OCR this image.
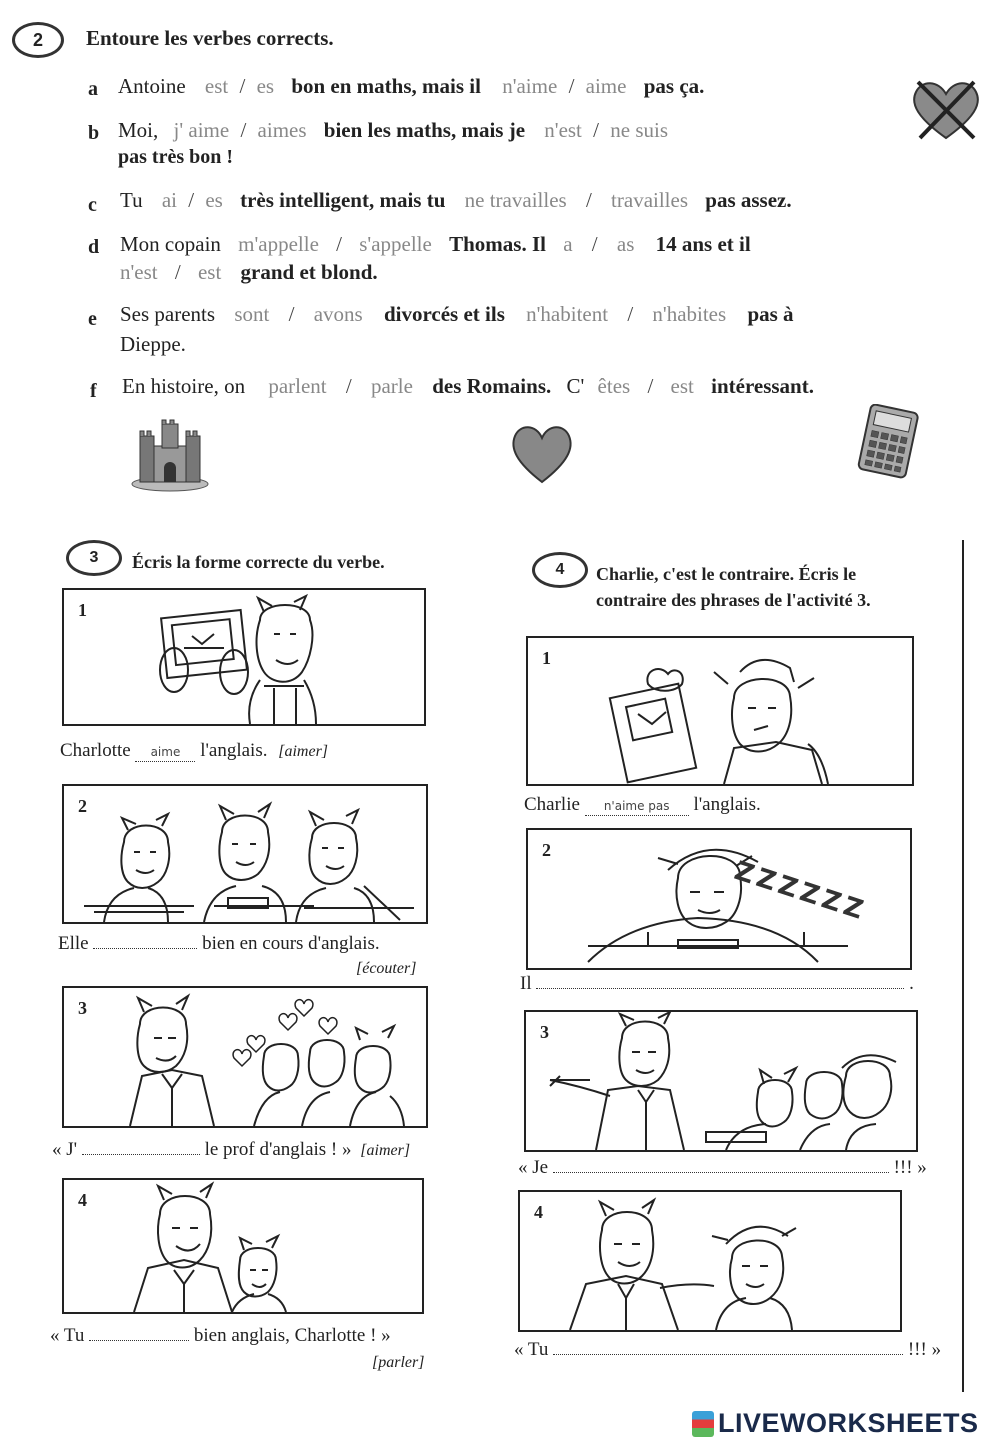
2	Entoure les verbes corrects.
a Antoine est / es bon en maths, mais il n'aime / aime pas ça.
b Moi, j' aime / aimes bien les maths, mais je n'est / ne suis
pas très bon !
c Tu ai / es très intelligent, mais tu ne travailles / travailles pas assez.
d Mon copain m'appelle / s'appelle Thomas. Il a / as 14 ans et il
n'est / est grand et blond.
e Ses parents sont / avons divorcés et ils n'habitent / n'habites pas à
Dieppe.
f En histoire, on parlent / parle des Romains. C' êtes / est intéressant.
3	Écris la forme correcte du verbe.
1
Charlotte aime l'anglais. [aimer]
2
Elle	bien en cours d'anglais.
[écouter]
3
« J'	le prof d'anglais ! » [aimer]
4
« Tu	bien anglais, Charlotte ! »
[parler]
4	Charlie, c'est le contraire. Écris le
contraire des phrases de l'activité 3.
1
Charlie n'aime pas l'anglais.
2
ZZZZZZ
Il	.
3
« Je	!!! »
4
« Tu	!!! »
LIVEWORKSHEETS
